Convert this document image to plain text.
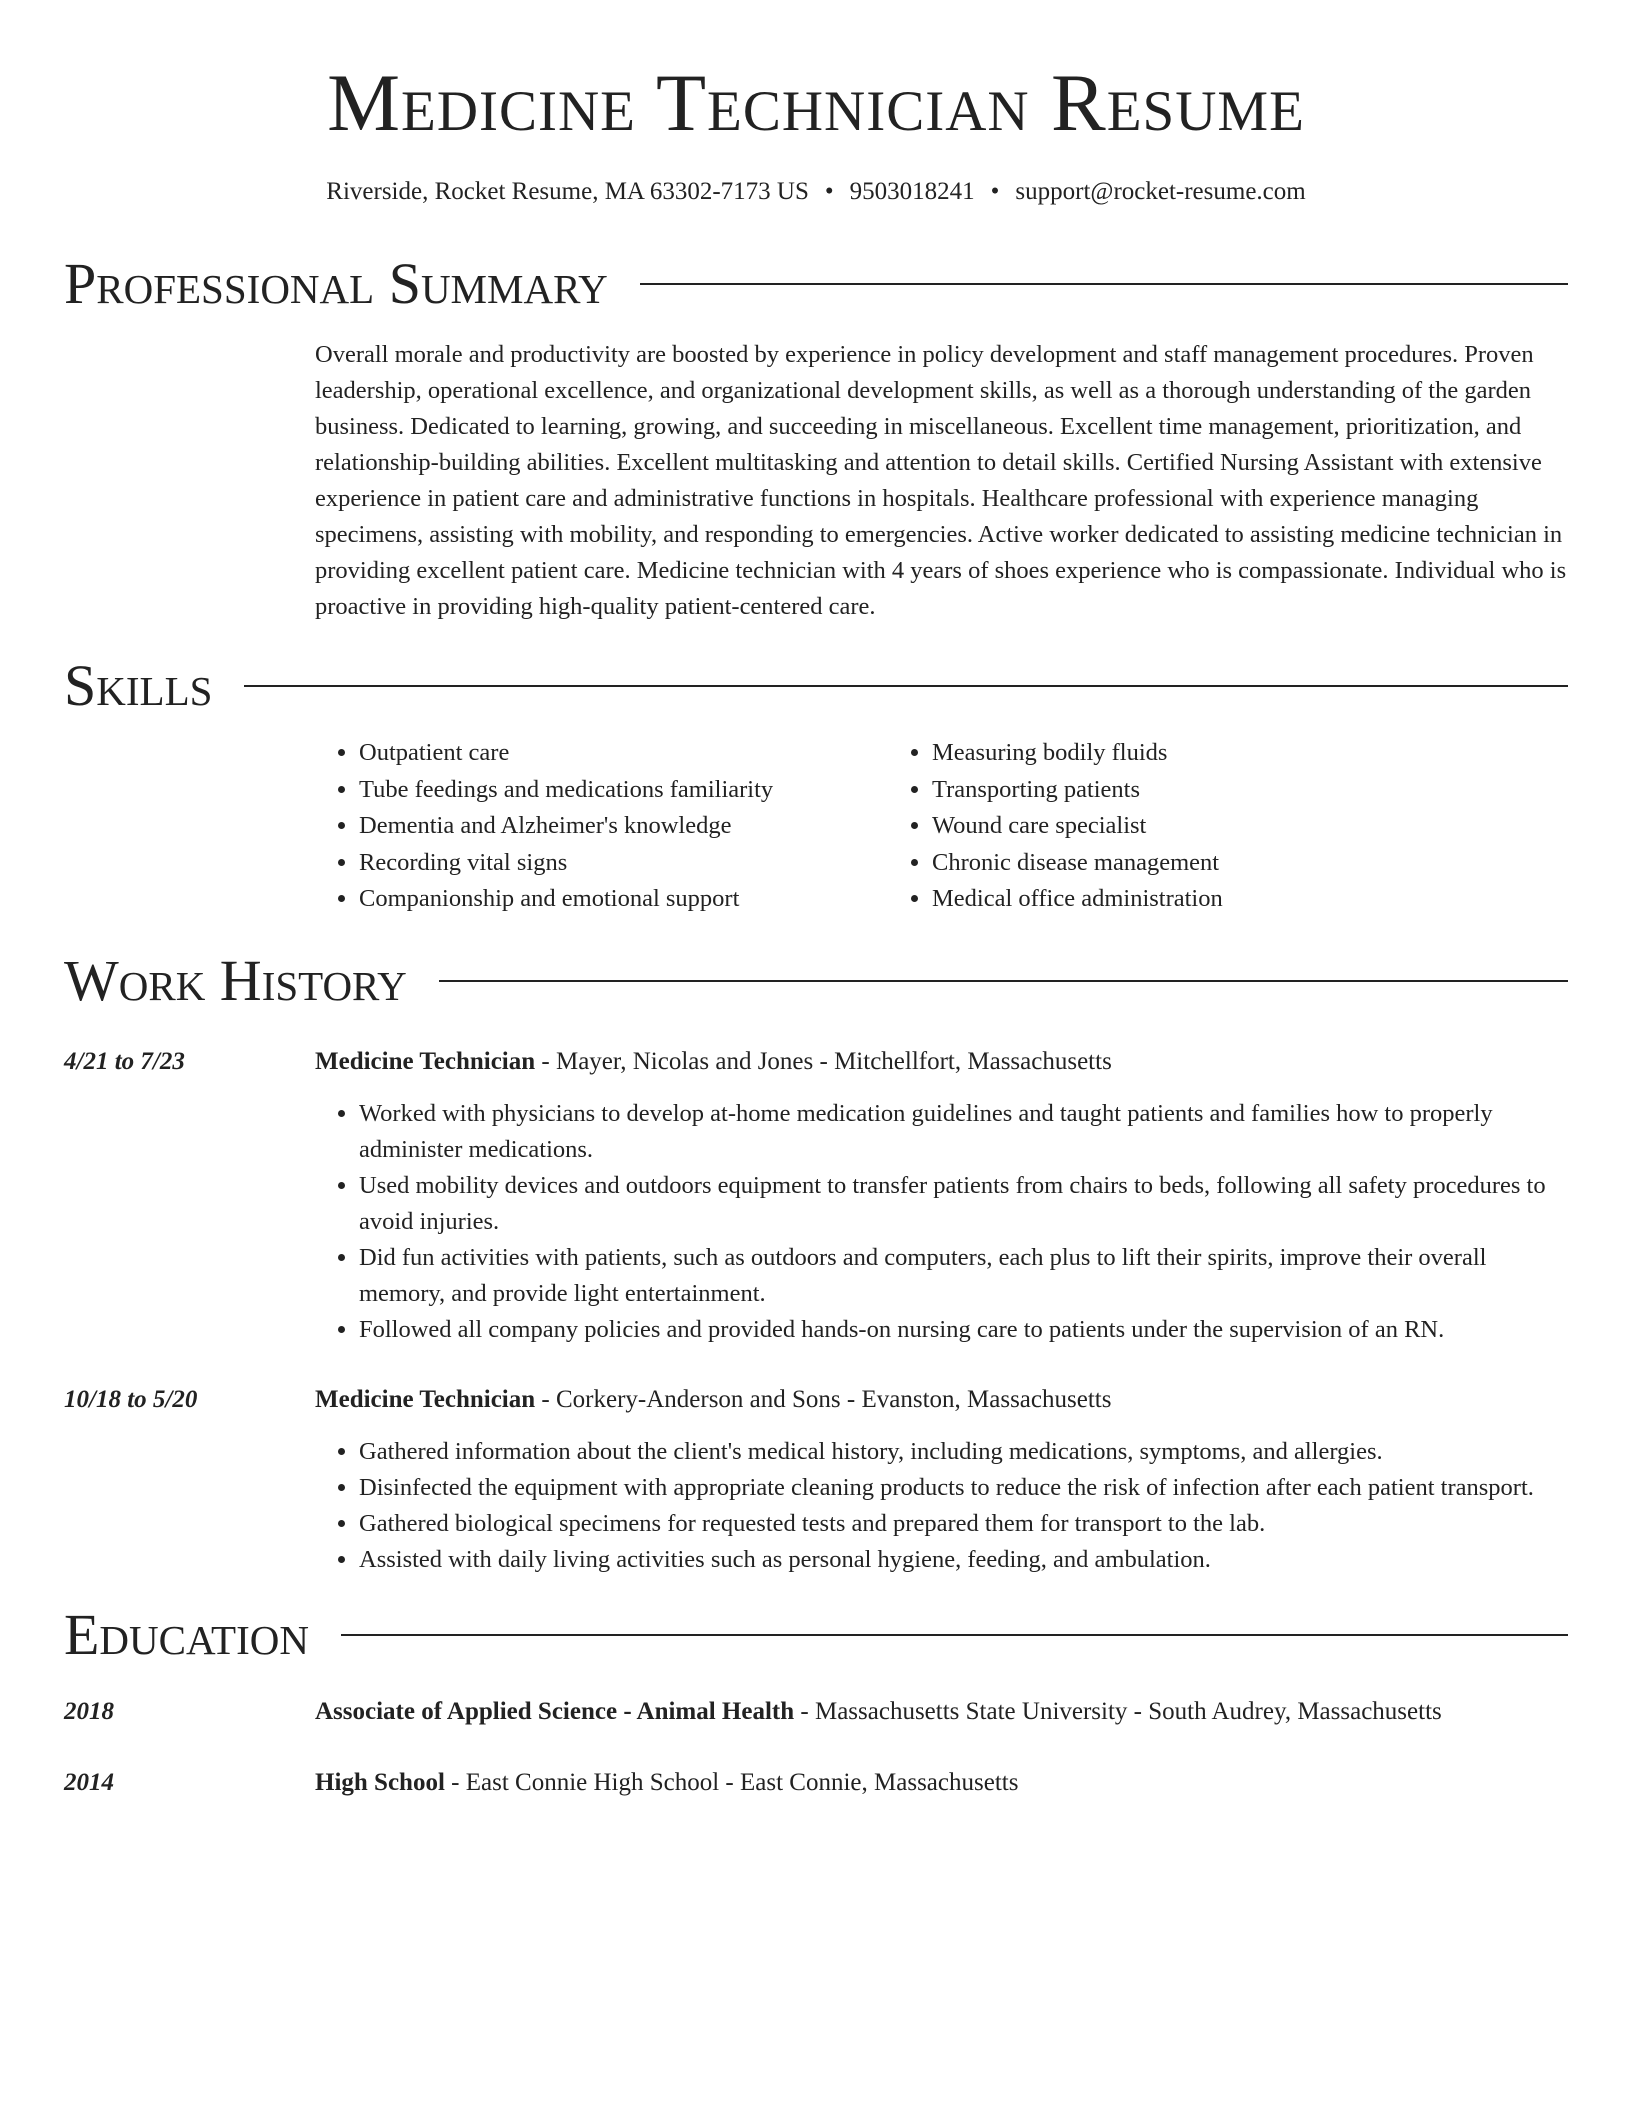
Medicine Technician Resume
Riverside, Rocket Resume, MA 63302-7173 US • 9503018241 • support@rocket-resume.com
Professional Summary
Overall morale and productivity are boosted by experience in policy development and staff management procedures. Proven leadership, operational excellence, and organizational development skills, as well as a thorough understanding of the garden business. Dedicated to learning, growing, and succeeding in miscellaneous. Excellent time management, prioritization, and relationship-building abilities. Excellent multitasking and attention to detail skills. Certified Nursing Assistant with extensive experience in patient care and administrative functions in hospitals. Healthcare professional with experience managing specimens, assisting with mobility, and responding to emergencies. Active worker dedicated to assisting medicine technician in providing excellent patient care. Medicine technician with 4 years of shoes experience who is compassionate. Individual who is proactive in providing high-quality patient-centered care.
Skills
• Outpatient care
• Tube feedings and medications familiarity
• Dementia and Alzheimer's knowledge
• Recording vital signs
• Companionship and emotional support
• Measuring bodily fluids
• Transporting patients
• Wound care specialist
• Chronic disease management
• Medical office administration
Work History
4/21 to 7/23	Medicine Technician - Mayer, Nicolas and Jones - Mitchellfort, Massachusetts
• Worked with physicians to develop at-home medication guidelines and taught patients and families how to properly administer medications.
• Used mobility devices and outdoors equipment to transfer patients from chairs to beds, following all safety procedures to avoid injuries.
• Did fun activities with patients, such as outdoors and computers, each plus to lift their spirits, improve their overall memory, and provide light entertainment.
• Followed all company policies and provided hands-on nursing care to patients under the supervision of an RN.
10/18 to 5/20	Medicine Technician - Corkery-Anderson and Sons - Evanston, Massachusetts
• Gathered information about the client's medical history, including medications, symptoms, and allergies.
• Disinfected the equipment with appropriate cleaning products to reduce the risk of infection after each patient transport.
• Gathered biological specimens for requested tests and prepared them for transport to the lab.
• Assisted with daily living activities such as personal hygiene, feeding, and ambulation.
Education
2018	Associate of Applied Science - Animal Health - Massachusetts State University - South Audrey, Massachusetts
2014	High School - East Connie High School - East Connie, Massachusetts
